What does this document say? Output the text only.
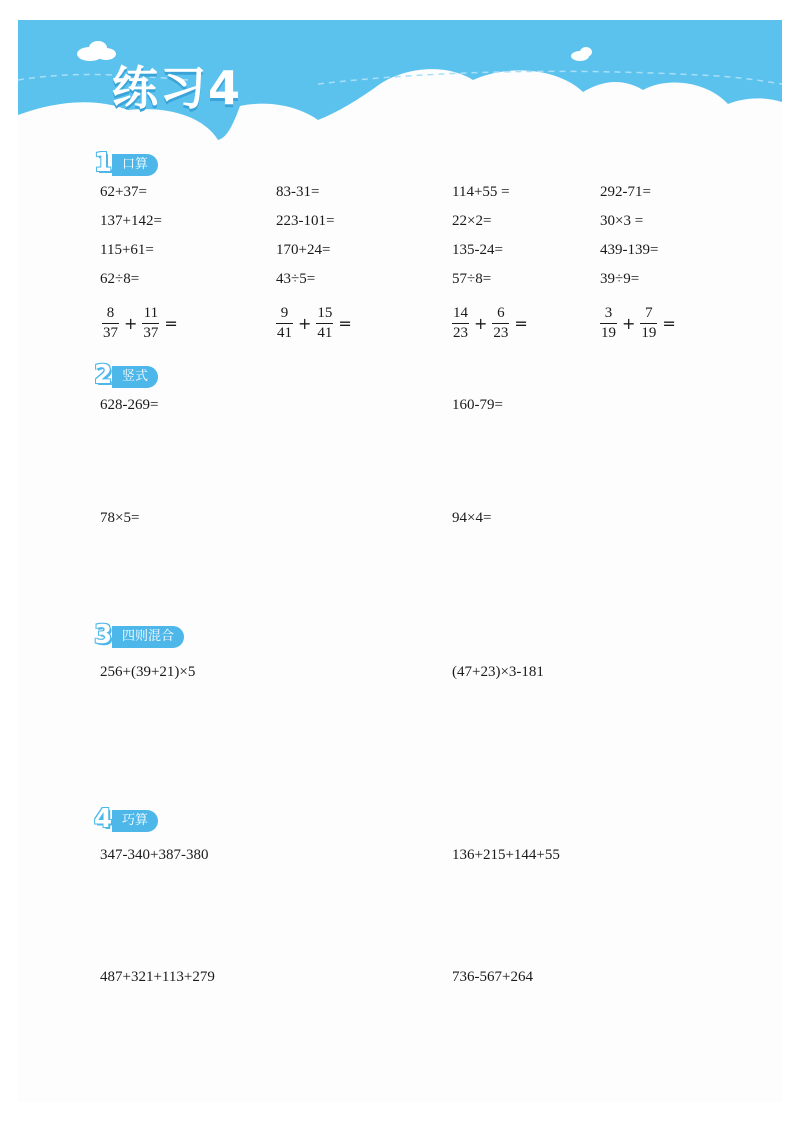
练习4
1 口算
62+37=	83-31=	114+55 =	292-71=
137+142=	223-101=	22×2=	30×3 =
115+61=	170+24=	135-24=	439-139=
62÷8=	43÷5=	57÷8=	39÷9=
$\frac{8}{37} + \frac{11}{37}$ =	$\frac{9}{41} + \frac{15}{41}$ =	$\frac{14}{23} + \frac{6}{23}$ =	$\frac{3}{19} + \frac{7}{19}$ =
2 竖式
628-269=	160-79=
78×5=	94×4=
3 四则混合
256+(39+21)×5	(47+23)×3-181
4 巧算
347-340+387-380	136+215+144+55
487+321+113+279	736-567+264
